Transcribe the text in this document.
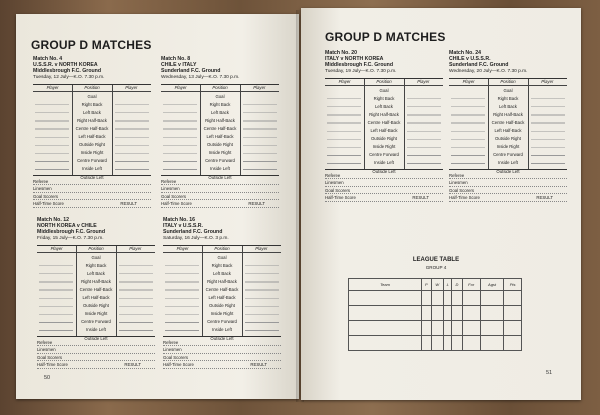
GROUP D MATCHES
50
GROUP D MATCHES
51
LEAGUE TABLE
GROUP 4
Team	P	W	L	D	For	Agst	Pts

Match No. 4
U.S.S.R. v NORTH KOREA
Middlesbrough F.C. Ground
Tuesday, 12 July—K.O. 7.30 p.m.
Player	Position	Player
Goal
Right Back
Left Back
Right Half-Back
Centre Half-Back
Left Half-Back
Outside Right
Inside Right
Centre Forward
Inside Left
Outside Left
Referee
Linesmen
Goal Scorers
Half-Time Score	RESULT
Match No. 8
CHILE v ITALY
Sunderland F.C. Ground
Wednesday, 13 July—K.O. 7.30 p.m.
Player	Position	Player
Goal
Right Back
Left Back
Right Half-Back
Centre Half-Back
Left Half-Back
Outside Right
Inside Right
Centre Forward
Inside Left
Outside Left
Referee
Linesmen
Goal Scorers
Half-Time Score	RESULT
Match No. 12
NORTH KOREA v CHILE
Middlesbrough F.C. Ground
Friday, 15 July—K.O. 7.30 p.m.
Player	Position	Player
Goal
Right Back
Left Back
Right Half-Back
Centre Half-Back
Left Half-Back
Outside Right
Inside Right
Centre Forward
Inside Left
Outside Left
Referee
Linesmen
Goal Scorers
Half-Time Score	RESULT
Match No. 16
ITALY v U.S.S.R.
Sunderland F.C. Ground
Saturday, 16 July—K.O. 3 p.m.
Player	Position	Player
Goal
Right Back
Left Back
Right Half-Back
Centre Half-Back
Left Half-Back
Outside Right
Inside Right
Centre Forward
Inside Left
Outside Left
Referee
Linesmen
Goal Scorers
Half-Time Score	RESULT
Match No. 20
ITALY v NORTH KOREA
Middlesbrough F.C. Ground
Tuesday, 19 July—K.O. 7.30 p.m.
Player	Position	Player
Goal
Right Back
Left Back
Right Half-Back
Centre Half-Back
Left Half-Back
Outside Right
Inside Right
Centre Forward
Inside Left
Outside Left
Referee
Linesmen
Goal Scorers
Half-Time Score	RESULT
Match No. 24
CHILE v U.S.S.R.
Sunderland F.C. Ground
Wednesday, 20 July—K.O. 7.30 p.m.
Player	Position	Player
Goal
Right Back
Left Back
Right Half-Back
Centre Half-Back
Left Half-Back
Outside Right
Inside Right
Centre Forward
Inside Left
Outside Left
Referee
Linesmen
Goal Scorers
Half-Time Score	RESULT
